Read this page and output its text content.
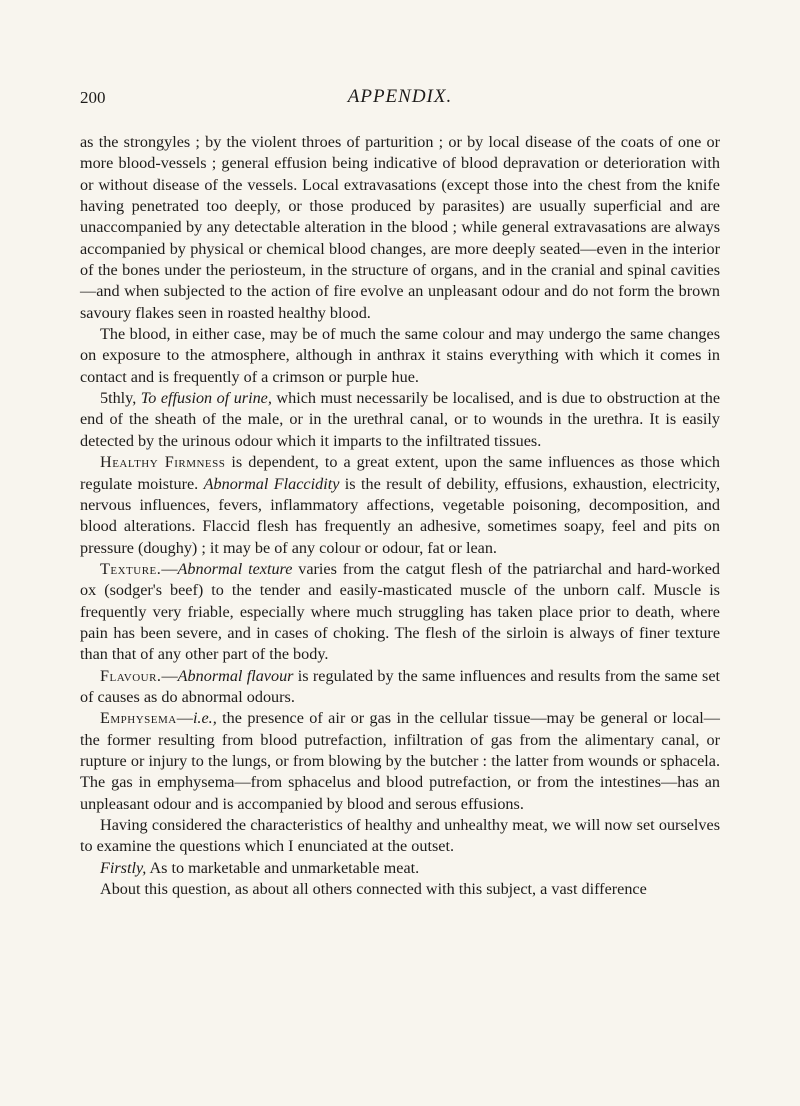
200	APPENDIX.

as the strongyles ; by the violent throes of parturition ; or by local disease of the coats of one or more blood-vessels ; general effusion being indicative of blood depravation or deterioration with or without disease of the vessels. Local extravasations (except those into the chest from the knife having penetrated too deeply, or those produced by parasites) are usually superficial and are unaccompanied by any detectable alteration in the blood ; while general extravasations are always accompanied by physical or chemical blood changes, are more deeply seated—even in the interior of the bones under the periosteum, in the structure of organs, and in the cranial and spinal cavities—and when subjected to the action of fire evolve an unpleasant odour and do not form the brown savoury flakes seen in roasted healthy blood.

The blood, in either case, may be of much the same colour and may undergo the same changes on exposure to the atmosphere, although in anthrax it stains everything with which it comes in contact and is frequently of a crimson or purple hue.

5thly, To effusion of urine, which must necessarily be localised, and is due to obstruction at the end of the sheath of the male, or in the urethral canal, or to wounds in the urethra. It is easily detected by the urinous odour which it imparts to the infiltrated tissues.

Healthy Firmness is dependent, to a great extent, upon the same influences as those which regulate moisture. Abnormal Flaccidity is the result of debility, effusions, exhaustion, electricity, nervous influences, fevers, inflammatory affections, vegetable poisoning, decomposition, and blood alterations. Flaccid flesh has frequently an adhesive, sometimes soapy, feel and pits on pressure (doughy) ; it may be of any colour or odour, fat or lean.

Texture.—Abnormal texture varies from the catgut flesh of the patriarchal and hard-worked ox (sodger's beef) to the tender and easily-masticated muscle of the unborn calf. Muscle is frequently very friable, especially where much struggling has taken place prior to death, where pain has been severe, and in cases of choking. The flesh of the sirloin is always of finer texture than that of any other part of the body.

Flavour.—Abnormal flavour is regulated by the same influences and results from the same set of causes as do abnormal odours.

Emphysema—i.e., the presence of air or gas in the cellular tissue—may be general or local—the former resulting from blood putrefaction, infiltration of gas from the alimentary canal, or rupture or injury to the lungs, or from blowing by the butcher : the latter from wounds or sphacela. The gas in emphysema—from sphacelus and blood putrefaction, or from the intestines—has an unpleasant odour and is accompanied by blood and serous effusions.

Having considered the characteristics of healthy and unhealthy meat, we will now set ourselves to examine the questions which I enunciated at the outset.

Firstly, As to marketable and unmarketable meat.

About this question, as about all others connected with this subject, a vast difference
